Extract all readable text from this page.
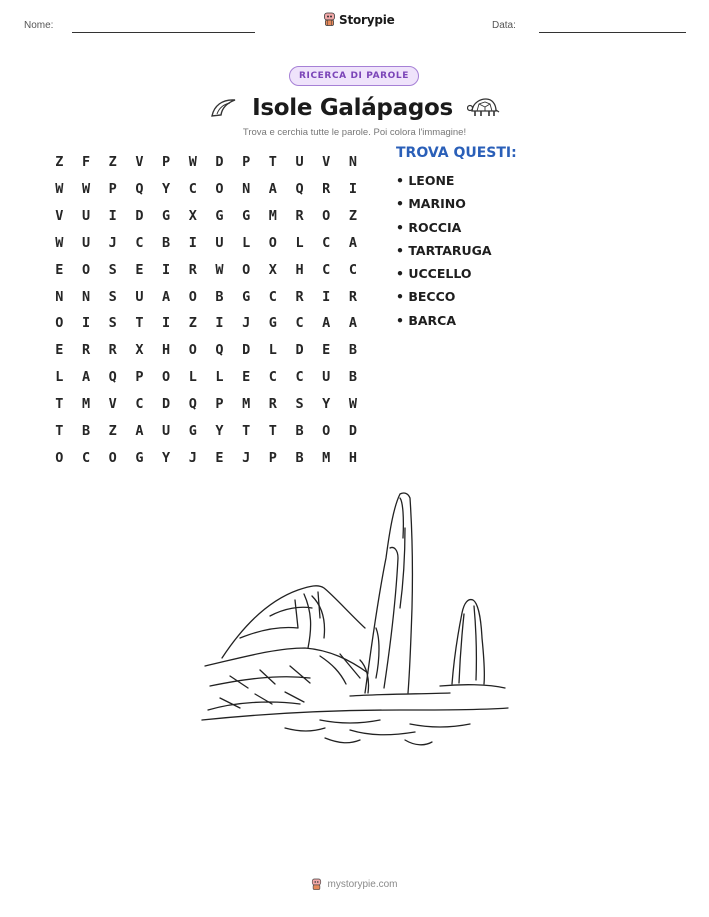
Nome:	Storypie	Data:
RICERCA DI PAROLE
Isole Galápagos
Trova e cerchia tutte le parole. Poi colora l'immagine!
Z	F	Z	V	P	W	D	P	T	U	V	N
W	W	P	Q	Y	C	O	N	A	Q	R	I
V	U	I	D	G	X	G	G	M	R	O	Z
W	U	J	C	B	I	U	L	O	L	C	A
E	O	S	E	I	R	W	O	X	H	C	C
N	N	S	U	A	O	B	G	C	R	I	R
O	I	S	T	I	Z	I	J	G	C	A	A
E	R	R	X	H	O	Q	D	L	D	E	B
L	A	Q	P	O	L	L	E	C	C	U	B
T	M	V	C	D	Q	P	M	R	S	Y	W
T	B	Z	A	U	G	Y	T	T	B	O	D
O	C	O	G	Y	J	E	J	P	B	M	H
TROVA QUESTI:
• LEONE
• MARINO
• ROCCIA
• TARTARUGA
• UCCELLO
• BECCO
• BARCA
mystorypie.com
